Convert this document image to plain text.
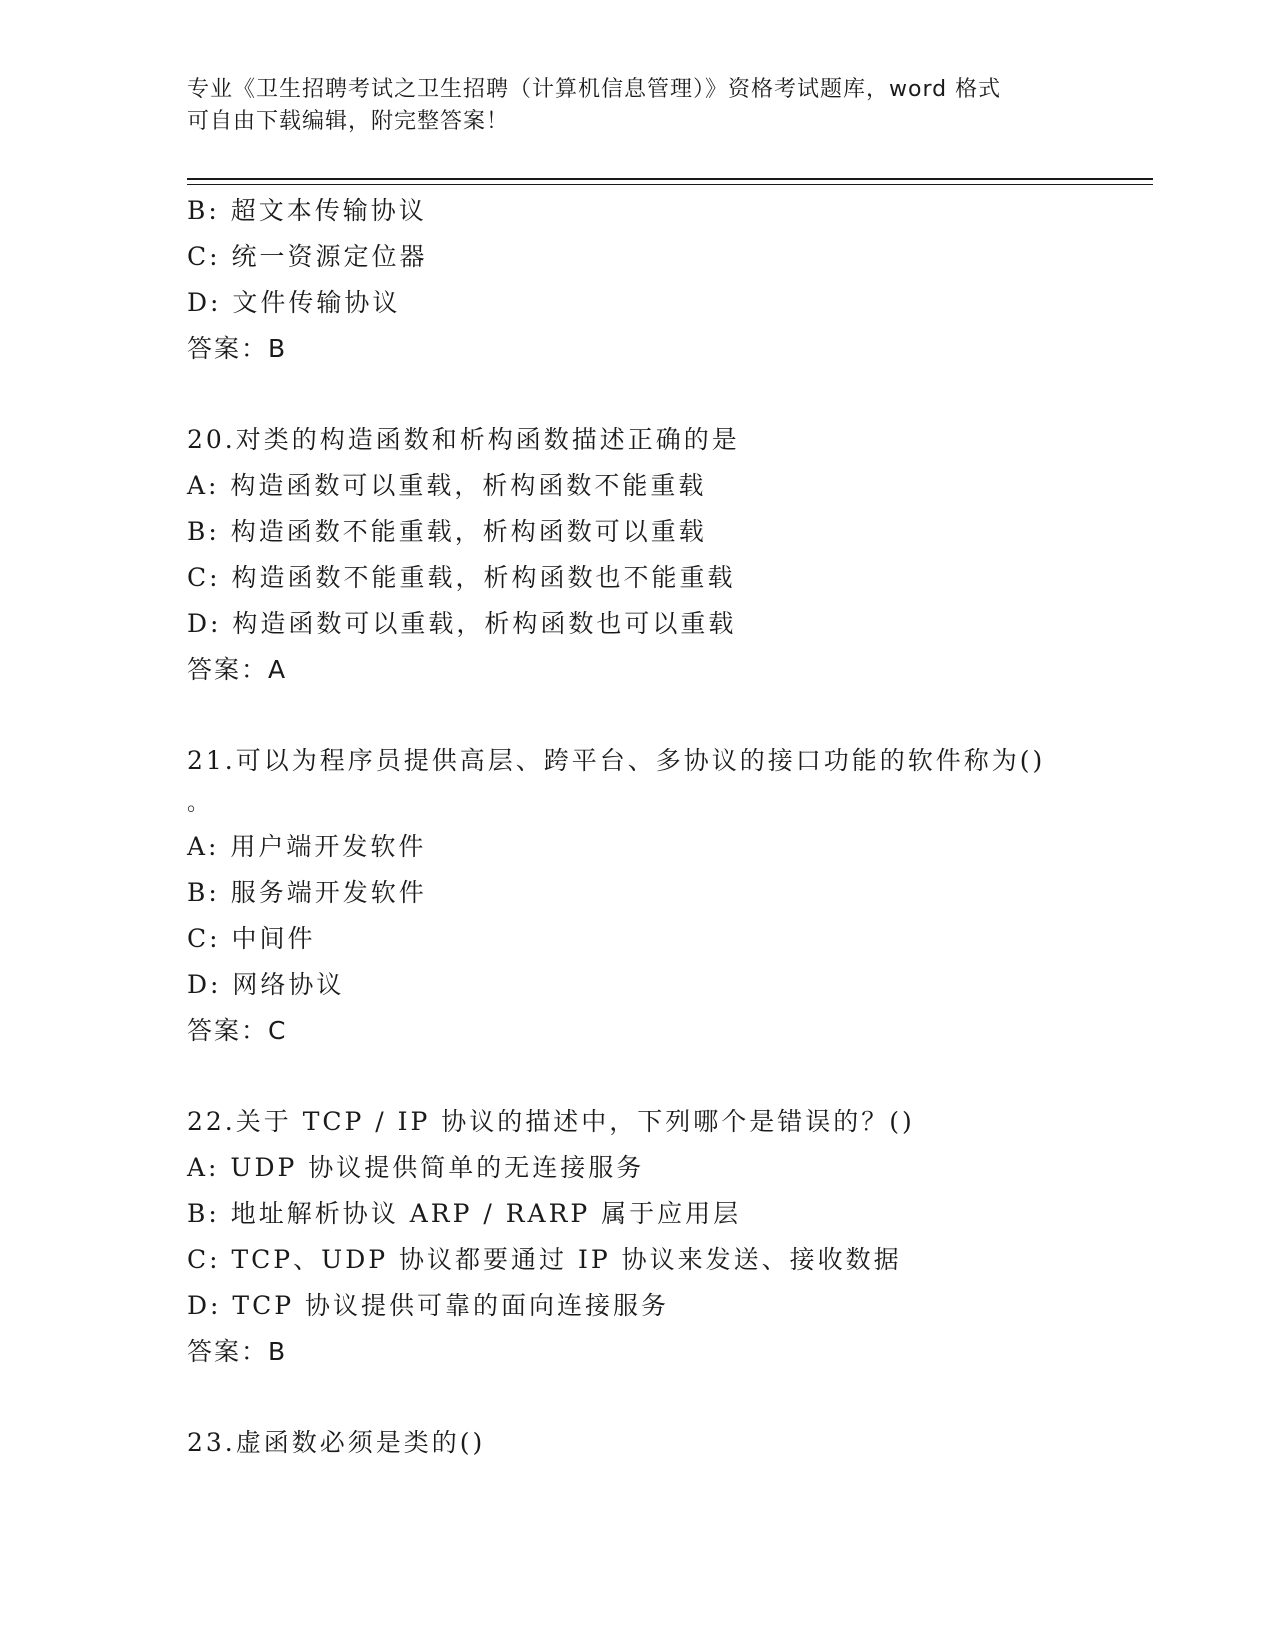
专业《卫生招聘考试之卫生招聘（计算机信息管理）》资格考试题库，word 格式
可自由下载编辑，附完整答案！
B: 超文本传输协议
C: 统一资源定位器
D: 文件传输协议
答案：B
20.对类的构造函数和析构函数描述正确的是
A: 构造函数可以重载，析构函数不能重载
B: 构造函数不能重载，析构函数可以重载
C: 构造函数不能重载，析构函数也不能重载
D: 构造函数可以重载，析构函数也可以重载
答案：A
21.可以为程序员提供高层、跨平台、多协议的接口功能的软件称为()
。
A: 用户端开发软件
B: 服务端开发软件
C: 中间件
D: 网络协议
答案：C
22.关于 TCP / IP 协议的描述中，下列哪个是错误的？()
A: UDP 协议提供简单的无连接服务
B: 地址解析协议 ARP / RARP 属于应用层
C: TCP、UDP 协议都要通过 IP 协议来发送、接收数据
D: TCP 协议提供可靠的面向连接服务
答案：B
23.虚函数必须是类的()
